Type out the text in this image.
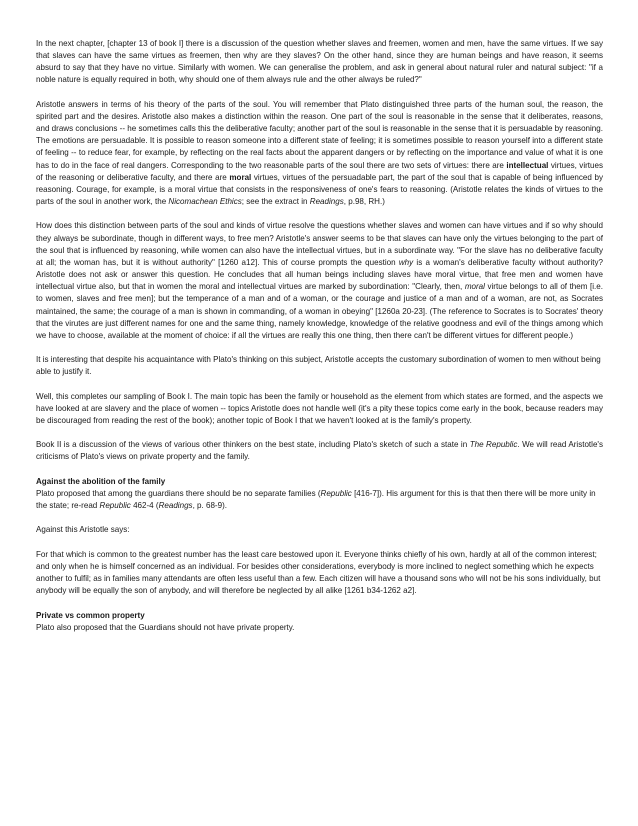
In the next chapter, [chapter 13 of book I] there is a discussion of the question whether slaves and freemen, women and men, have the same virtues. If we say that slaves can have the same virtues as freemen, then why are they slaves? On the other hand, since they are human beings and have reason, it seems absurd to say that they have no virtue. Similarly with women. We can generalise the problem, and ask in general about natural ruler and natural subject: "if a noble nature is equally required in both, why should one of them always rule and the other always be ruled?"

Aristotle answers in terms of his theory of the parts of the soul. You will remember that Plato distinguished three parts of the human soul, the reason, the spirited part and the desires. Aristotle also makes a distinction within the reason. One part of the soul is reasonable in the sense that it deliberates, reasons, and draws conclusions -- he sometimes calls this the deliberative faculty; another part of the soul is reasonable in the sense that it is persuadable by reasoning. The emotions are persuadable. It is possible to reason someone into a different state of feeling; it is sometimes possible to reason yourself into a different state of feeling -- to reduce fear, for example, by reflecting on the real facts about the apparent dangers or by reflecting on the importance and value of what it is one has to do in the face of real dangers. Corresponding to the two reasonable parts of the soul there are two sets of virtues: there are intellectual virtues, virtues of the reasoning or deliberative faculty, and there are moral virtues, virtues of the persuadable part, the part of the soul that is capable of being influenced by reasoning. Courage, for example, is a moral virtue that consists in the responsiveness of one's fears to reasoning. (Aristotle relates the kinds of virtues to the parts of the soul in another work, the Nicomachean Ethics; see the extract in Readings, p.98, RH.)

How does this distinction between parts of the soul and kinds of virtue resolve the questions whether slaves and women can have virtues and if so why should they always be subordinate, though in different ways, to free men? Aristotle's answer seems to be that slaves can have only the virtues belonging to the part of the soul that is influenced by reasoning, while women can also have the intellectual virtues, but in a subordinate way. "For the slave has no deliberative faculty at all; the woman has, but it is without authority" [1260 a12]. This of course prompts the question why is a woman's deliberative faculty without authority? Aristotle does not ask or answer this question. He concludes that all human beings including slaves have moral virtue, that free men and women have intellectual virtue also, but that in women the moral and intellectual virtues are marked by subordination: "Clearly, then, moral virtue belongs to all of them [i.e. to women, slaves and free men]; but the temperance of a man and of a woman, or the courage and justice of a man and of a woman, are not, as Socrates maintained, the same; the courage of a man is shown in commanding, of a woman in obeying" [1260a 20-23]. (The reference to Socrates is to Socrates' theory that the virutes are just different names for one and the same thing, namely knowledge, knowledge of the relative goodness and evil of the things among which we have to choose, available at the moment of choice: if all the virtues are really this one thing, then there can't be different virtues for different people.)

It is interesting that despite his acquaintance with Plato's thinking on this subject, Aristotle accepts the customary subordination of women to men without being able to justify it.

Well, this completes our sampling of Book I. The main topic has been the family or household as the element from which states are formed, and the aspects we have looked at are slavery and the place of women -- topics Aristotle does not handle well (it's a pity these topics come early in the book, because readers may be discouraged from reading the rest of the book); another topic of Book I that we haven't looked at is the family's property.

Book II is a discussion of the views of various other thinkers on the best state, including Plato's sketch of such a state in The Republic. We will read Aristotle's criticisms of Plato's views on private property and the family.

Against the abolition of the family
Plato proposed that among the guardians there should be no separate families (Republic [416-7]). His argument for this is that then there will be more unity in the state; re-read Republic 462-4 (Readings, p. 68-9).

Against this Aristotle says:

For that which is common to the greatest number has the least care bestowed upon it. Everyone thinks chiefly of his own, hardly at all of the common interest; and only when he is himself concerned as an individual. For besides other considerations, everybody is more inclined to neglect something which he expects another to fulfil; as in families many attendants are often less useful than a few. Each citizen will have a thousand sons who will not be his sons individually, but anybody will be equally the son of anybody, and will therefore be neglected by all alike [1261 b34-1262 a2].

Private vs common property
Plato also proposed that the Guardians should not have private property.
